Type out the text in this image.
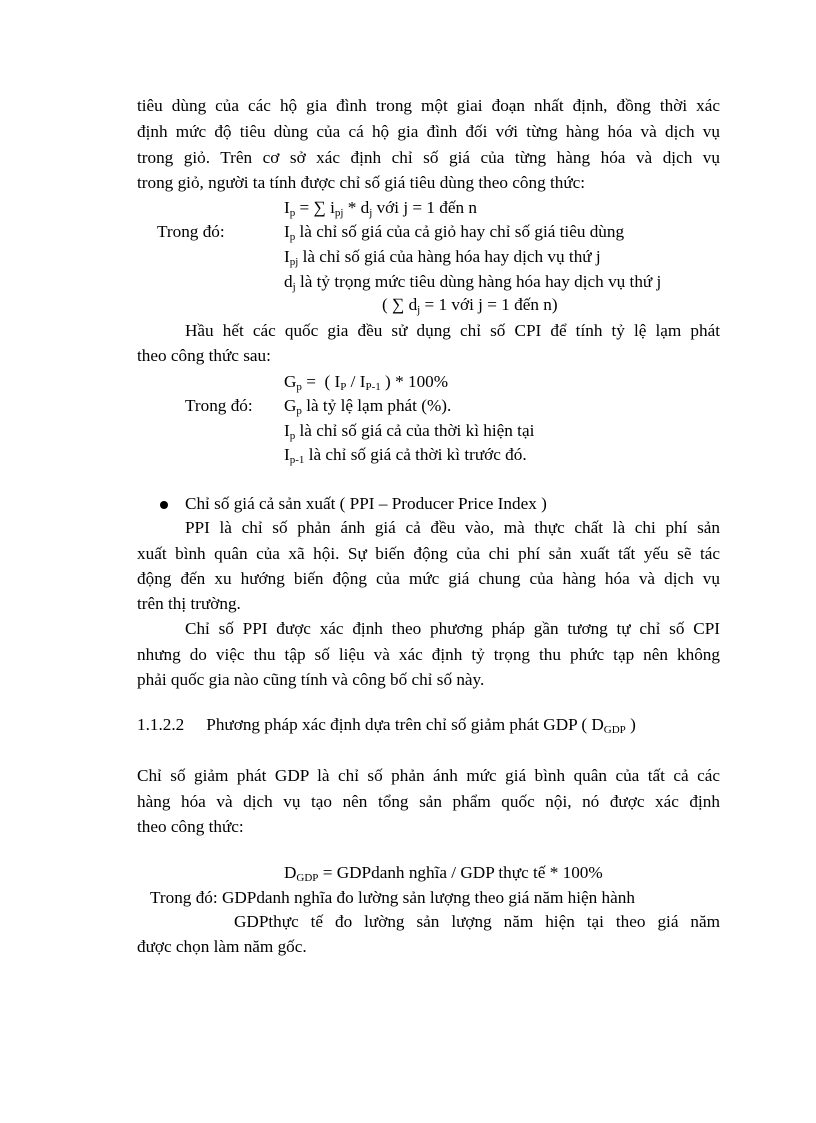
tiêu dùng của các hộ gia đình trong một giai đoạn nhất định, đồng thời xác
định mức độ tiêu dùng của cá hộ gia đình đối với từng hàng hóa và dịch vụ
trong giỏ. Trên cơ sở xác định chỉ số giá của từng hàng hóa và dịch vụ
trong giỏ, người ta tính được chỉ số giá tiêu dùng theo công thức:
$I_p$ = ∑ $i_{pj} * d_j$ với j = 1 đến n
Trong đó:	$I_p$ là chỉ số giá của cả giỏ hay chỉ số giá tiêu dùng
$I_{pj}$ là chỉ số giá của hàng hóa hay dịch vụ thứ j
$d_j$ là tỷ trọng mức tiêu dùng hàng hóa hay dịch vụ thứ j
( ∑ $d_j = 1$ với j = 1 đến n)
Hầu hết các quốc gia đều sử dụng chỉ số CPI để tính tỷ lệ lạm phát
theo công thức sau:
$G_p$ =  ( $I_P / I_{P-1}$ ) * 100%
Trong đó: $G_p$ là tỷ lệ lạm phát (%).
$I_p$ là chỉ số giá cả của thời kì hiện tại
$I_{p-1}$ là chỉ số giá cả thời kì trước đó.
Chỉ số giá cả sản xuất ( PPI – Producer Price Index )
PPI là chỉ số phản ánh giá cả đều vào, mà thực chất là chi phí sản
xuất bình quân của xã hội. Sự biến động của chi phí sản xuất tất yếu sẽ tác
động đến xu hướng biến động của mức giá chung của hàng hóa và dịch vụ
trên thị trường.
Chỉ số PPI được xác định theo phương pháp gần tương tự chỉ số CPI
nhưng do việc thu tập số liệu và xác định tỷ trọng thu phức tạp nên không
phải quốc gia nào cũng tính và công bố chỉ số này.
1.1.2.2 Phương pháp xác định dựa trên chỉ số giảm phát GDP ( $D_{GDP}$ )
Chỉ số giảm phát GDP là chỉ số phản ánh mức giá bình quân của tất cả các
hàng hóa và dịch vụ tạo nên tổng sản phẩm quốc nội, nó được xác định
theo công thức:
$D_{GDP}$ = GDPdanh nghĩa / GDP thực tế * 100%
Trong đó: GDPdanh nghĩa đo lường sản lượng theo giá năm hiện hành
GDPthực tế đo lường sản lượng năm hiện tại theo giá năm
được chọn làm năm gốc.
